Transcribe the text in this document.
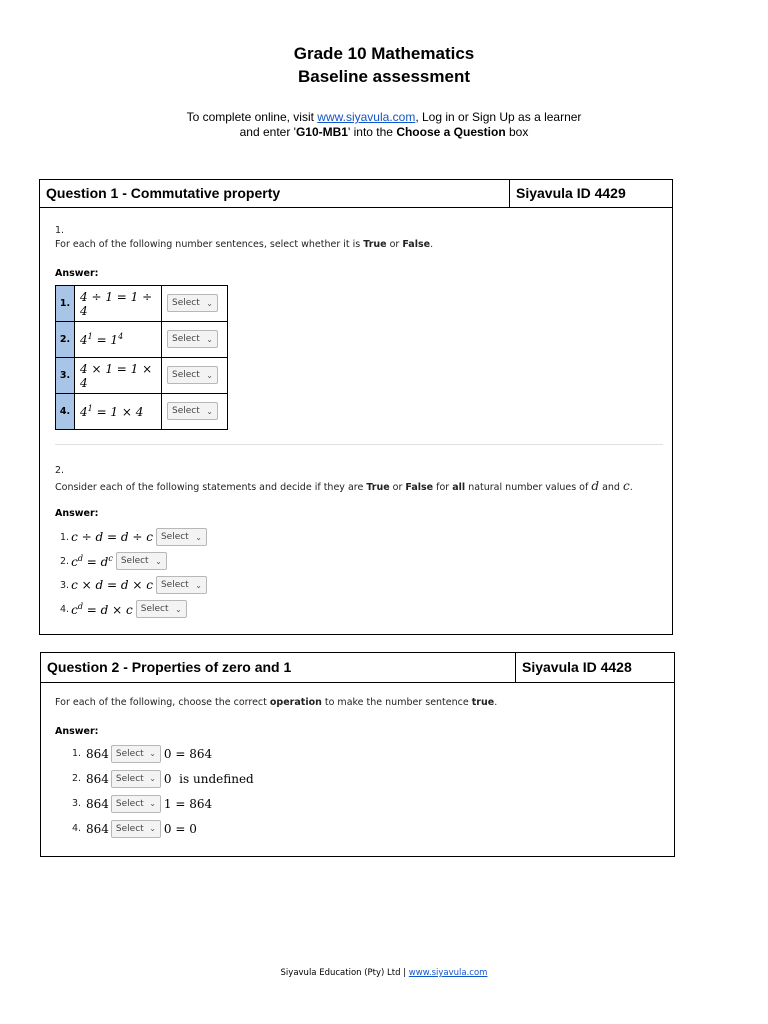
Grade 10 Mathematics
Baseline assessment
To complete online, visit www.siyavula.com, Log in or Sign Up as a learner
and enter 'G10-MB1' into the Choose a Question box
Question 1 - Commutative property	Siyavula ID 4429
1.
For each of the following number sentences, select whether it is True or False.
Answer:
1.	4 ÷ 1 = 1 ÷ 4	Select ⌄

2.	$4^1 = 1^4$	Select ⌄

3.	4 × 1 = 1 × 4	Select ⌄

4.	$4^1 = 1 \times 4$	Select ⌄
2.
Consider each of the following statements and decide if they are True or False for all natural number values of d and c.
Answer:
1. c ÷ d = d ÷ c Select ⌄
2. $c^d = d^c$ Select ⌄
3. c × d = d × c Select ⌄
4. $c^d = d \times c$ Select ⌄
Question 2 - Properties of zero and 1	Siyavula ID 4428
For each of the following, choose the correct operation to make the number sentence true.
Answer:
1. 864 Select ⌄ 0 = 864
2. 864 Select ⌄ 0  is undefined
3. 864 Select ⌄ 1 = 864
4. 864 Select ⌄ 0 = 0
Siyavula Education (Pty) Ltd | www.siyavula.com
